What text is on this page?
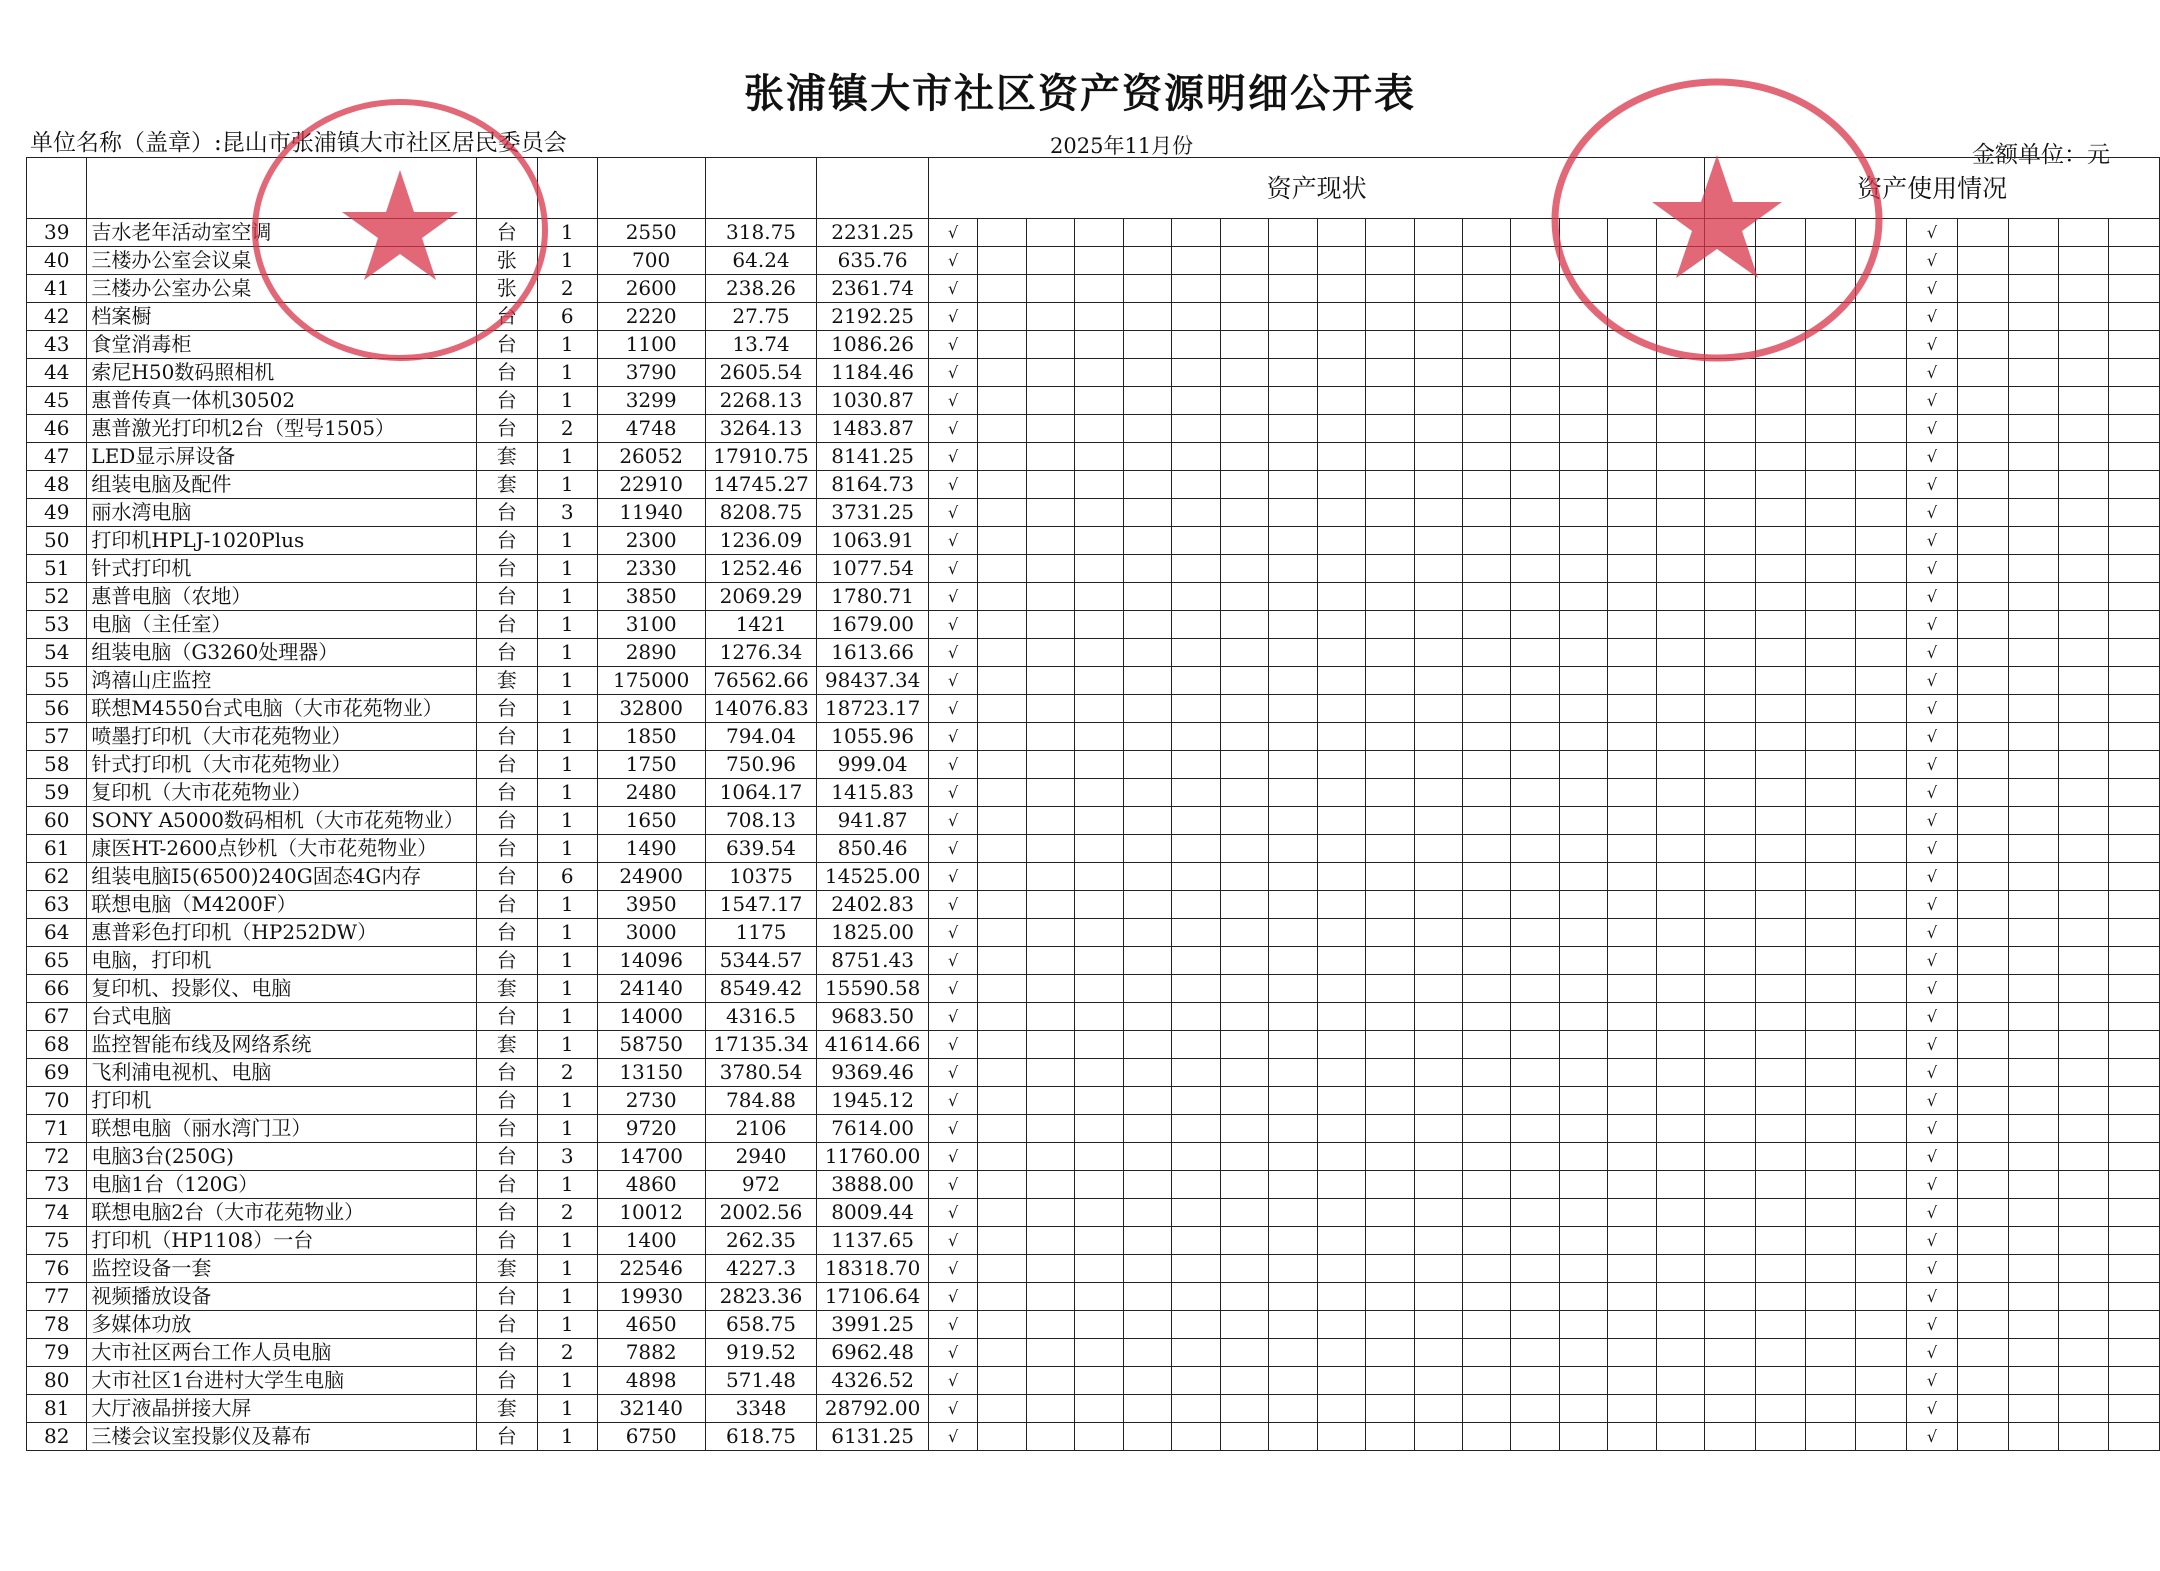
张浦镇大市社区资产资源明细公开表
单位名称（盖章）:昆山市张浦镇大市社区居民委员会	2025年11月份	金额单位：元
							资产现状																资产使用情况								
39	吉水老年活动室空调	台	1	2550	318.75	2231.25	√																				√				
40	三楼办公室会议桌	张	1	700	64.24	635.76	√																				√				
41	三楼办公室办公桌	张	2	2600	238.26	2361.74	√																				√				
42	档案橱	台	6	2220	27.75	2192.25	√																				√				
43	食堂消毒柜	台	1	1100	13.74	1086.26	√																				√				
44	索尼H50数码照相机	台	1	3790	2605.54	1184.46	√																				√				
45	惠普传真一体机30502	台	1	3299	2268.13	1030.87	√																				√				
46	惠普激光打印机2台（型号1505）	台	2	4748	3264.13	1483.87	√																				√				
47	LED显示屏设备	套	1	26052	17910.75	8141.25	√																				√				
48	组装电脑及配件	套	1	22910	14745.27	8164.73	√																				√				
49	丽水湾电脑	台	3	11940	8208.75	3731.25	√																				√				
50	打印机HPLJ-1020Plus	台	1	2300	1236.09	1063.91	√																				√				
51	针式打印机	台	1	2330	1252.46	1077.54	√																				√				
52	惠普电脑（农地）	台	1	3850	2069.29	1780.71	√																				√				
53	电脑（主任室）	台	1	3100	1421	1679.00	√																				√				
54	组装电脑（G3260处理器）	台	1	2890	1276.34	1613.66	√																				√				
55	鸿禧山庄监控	套	1	175000	76562.66	98437.34	√																				√				
56	联想M4550台式电脑（大市花苑物业）	台	1	32800	14076.83	18723.17	√																				√				
57	喷墨打印机（大市花苑物业）	台	1	1850	794.04	1055.96	√																				√				
58	针式打印机（大市花苑物业）	台	1	1750	750.96	999.04	√																				√				
59	复印机（大市花苑物业）	台	1	2480	1064.17	1415.83	√																				√				
60	SONY A5000数码相机（大市花苑物业）	台	1	1650	708.13	941.87	√																				√				
61	康医HT-2600点钞机（大市花苑物业）	台	1	1490	639.54	850.46	√																				√				
62	组装电脑I5(6500)240G固态4G内存	台	6	24900	10375	14525.00	√																				√				
63	联想电脑（M4200F）	台	1	3950	1547.17	2402.83	√																				√				
64	惠普彩色打印机（HP252DW）	台	1	3000	1175	1825.00	√																				√				
65	电脑，打印机	台	1	14096	5344.57	8751.43	√																				√				
66	复印机、投影仪、电脑	套	1	24140	8549.42	15590.58	√																				√				
67	台式电脑	台	1	14000	4316.5	9683.50	√																				√				
68	监控智能布线及网络系统	套	1	58750	17135.34	41614.66	√																				√				
69	飞利浦电视机、电脑	台	2	13150	3780.54	9369.46	√																				√				
70	打印机	台	1	2730	784.88	1945.12	√																				√				
71	联想电脑（丽水湾门卫）	台	1	9720	2106	7614.00	√																				√				
72	电脑3台(250G)	台	3	14700	2940	11760.00	√																				√				
73	电脑1台（120G）	台	1	4860	972	3888.00	√																				√				
74	联想电脑2台（大市花苑物业）	台	2	10012	2002.56	8009.44	√																				√				
75	打印机（HP1108）一台	台	1	1400	262.35	1137.65	√																				√				
76	监控设备一套	套	1	22546	4227.3	18318.70	√																				√				
77	视频播放设备	台	1	19930	2823.36	17106.64	√																				√				
78	多媒体功放	台	1	4650	658.75	3991.25	√																				√				
79	大市社区两台工作人员电脑	台	2	7882	919.52	6962.48	√																				√				
80	大市社区1台进村大学生电脑	台	1	4898	571.48	4326.52	√																				√				
81	大厅液晶拼接大屏	套	1	32140	3348	28792.00	√																				√				
82	三楼会议室投影仪及幕布	台	1	6750	618.75	6131.25	√																				√				
